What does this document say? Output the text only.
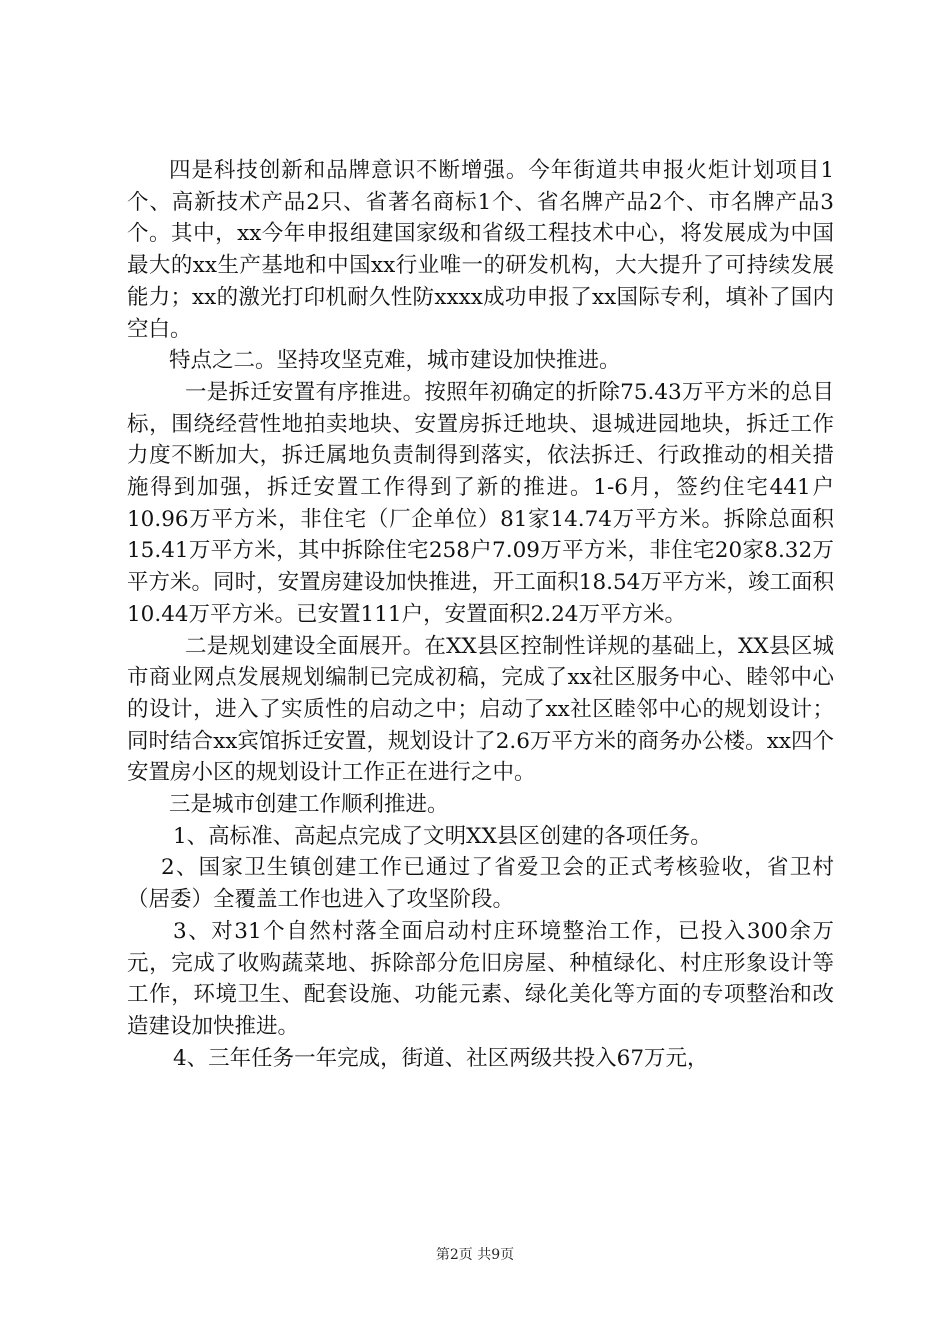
四是科技创新和品牌意识不断增强。今年街道共申报火炬计划项目1个、高新技术产品2只、省著名商标1个、省名牌产品2个、市名牌产品3个。其中，xx今年申报组建国家级和省级工程技术中心，将发展成为中国最大的xx生产基地和中国xx行业唯一的研发机构，大大提升了可持续发展能力；xx的激光打印机耐久性防xxxx成功申报了xx国际专利，填补了国内空白。

特点之二。坚持攻坚克难，城市建设加快推进。

一是拆迁安置有序推进。按照年初确定的折除75.43万平方米的总目标，围绕经营性地拍卖地块、安置房拆迁地块、退城进园地块，拆迁工作力度不断加大，拆迁属地负责制得到落实，依法拆迁、行政推动的相关措施得到加强，拆迁安置工作得到了新的推进。1-6月，签约住宅441户10.96万平方米，非住宅（厂企单位）81家14.74万平方米。拆除总面积15.41万平方米，其中拆除住宅258户7.09万平方米，非住宅20家8.32万平方米。同时，安置房建设加快推进，开工面积18.54万平方米，竣工面积10.44万平方米。已安置111户，安置面积2.24万平方米。

二是规划建设全面展开。在XX县区控制性详规的基础上，XX县区城市商业网点发展规划编制已完成初稿，完成了xx社区服务中心、睦邻中心的设计，进入了实质性的启动之中；启动了xx社区睦邻中心的规划设计；同时结合xx宾馆拆迁安置，规划设计了2.6万平方米的商务办公楼。xx四个安置房小区的规划设计工作正在进行之中。

三是城市创建工作顺利推进。

1、高标准、高起点完成了文明XX县区创建的各项任务。

2、国家卫生镇创建工作已通过了省爱卫会的正式考核验收，省卫村（居委）全覆盖工作也进入了攻坚阶段。

3、对31个自然村落全面启动村庄环境整治工作，已投入300余万元，完成了收购蔬菜地、拆除部分危旧房屋、种植绿化、村庄形象设计等工作，环境卫生、配套设施、功能元素、绿化美化等方面的专项整治和改造建设加快推进。

4、三年任务一年完成，街道、社区两级共投入67万元，

第2页 共9页
